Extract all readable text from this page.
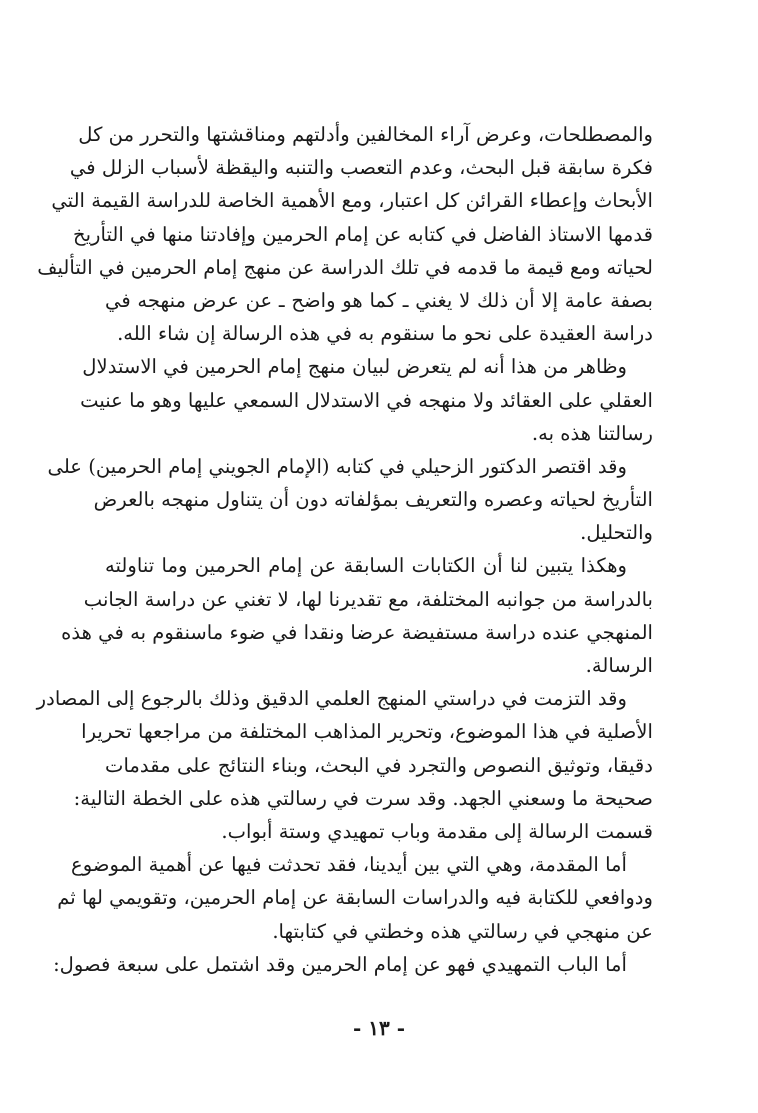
والمصطلحات، وعرض آراء المخالفين وأدلتهم ومناقشتها والتحرر من كل
فكرة سابقة قبل البحث، وعدم التعصب والتنبه واليقظة لأسباب الزلل في
الأبحاث وإعطاء القرائن كل اعتبار، ومع الأهمية الخاصة للدراسة القيمة التي
قدمها الاستاذ الفاضل في كتابه عن إمام الحرمين وإفادتنا منها في التأريخ
لحياته ومع قيمة ما قدمه في تلك الدراسة عن منهج إمام الحرمين في التأليف
بصفة عامة إلا أن ذلك لا يغني ـ كما هو واضح ـ عن عرض منهجه في
دراسة العقيدة على نحو ما سنقوم به في هذه الرسالة إن شاء الله.
وظاهر من هذا أنه لم يتعرض لبيان منهج إمام الحرمين في الاستدلال
العقلي على العقائد ولا منهجه في الاستدلال السمعي عليها وهو ما عنيت
رسالتنا هذه به.
وقد اقتصر الدكتور الزحيلي في كتابه (الإمام الجويني إمام الحرمين) على
التأريخ لحياته وعصره والتعريف بمؤلفاته دون أن يتناول منهجه بالعرض
والتحليل.
وهكذا يتبين لنا أن الكتابات السابقة عن إمام الحرمين وما تناولته
بالدراسة من جوانبه المختلفة، مع تقديرنا لها، لا تغني عن دراسة الجانب
المنهجي عنده دراسة مستفيضة عرضا ونقدا في ضوء ماسنقوم به في هذه
الرسالة.
وقد التزمت في دراستي المنهج العلمي الدقيق وذلك بالرجوع إلى المصادر
الأصلية في هذا الموضوع، وتحرير المذاهب المختلفة من مراجعها تحريرا
دقيقا، وتوثيق النصوص والتجرد في البحث، وبناء النتائج على مقدمات
صحيحة ما وسعني الجهد. وقد سرت في رسالتي هذه على الخطة التالية:
قسمت الرسالة إلى مقدمة وباب تمهيدي وستة أبواب.
أما المقدمة، وهي التي بين أيدينا، فقد تحدثت فيها عن أهمية الموضوع
ودوافعي للكتابة فيه والدراسات السابقة عن إمام الحرمين، وتقويمي لها ثم
عن منهجي في رسالتي هذه وخطتي في كتابتها.
أما الباب التمهيدي فهو عن إمام الحرمين وقد اشتمل على سبعة فصول:
- ١٣ -
